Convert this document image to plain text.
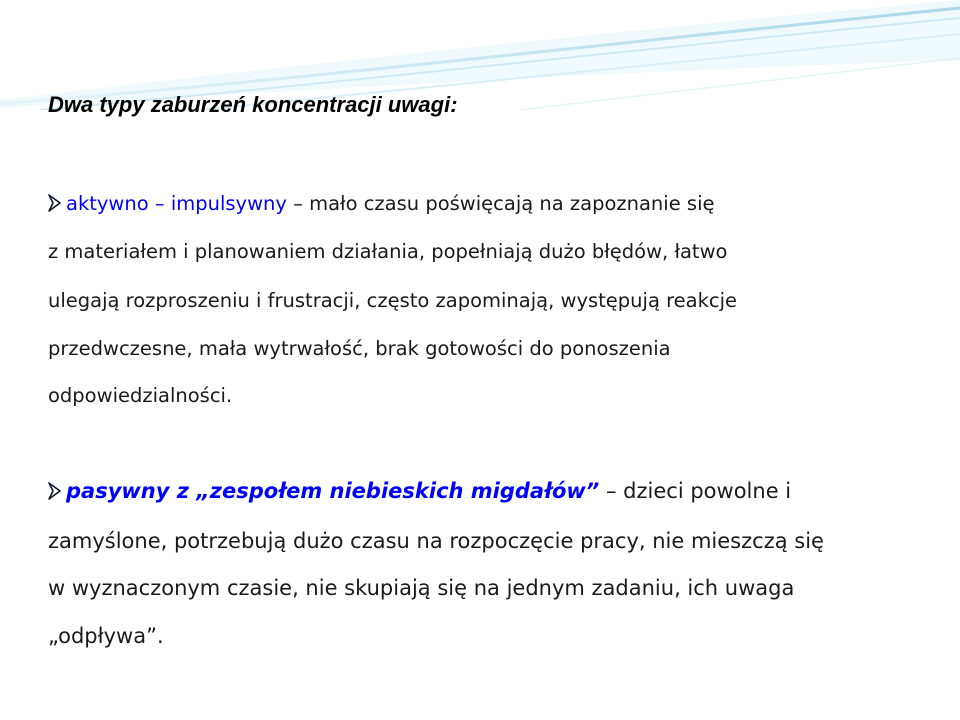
Dwa typy zaburzeń koncentracji uwagi:
aktywno – impulsywny – mało czasu poświęcają na zapoznanie się
z materiałem i planowaniem działania, popełniają dużo błędów, łatwo
ulegają rozproszeniu i frustracji, często zapominają, występują reakcje
przedwczesne, mała wytrwałość, brak gotowości do ponoszenia
odpowiedzialności.
pasywny z „zespołem niebieskich migdałów” – dzieci powolne i
zamyślone, potrzebują dużo czasu na rozpoczęcie pracy, nie mieszczą się
w wyznaczonym czasie, nie skupiają się na jednym zadaniu, ich uwaga
„odpływa”.
